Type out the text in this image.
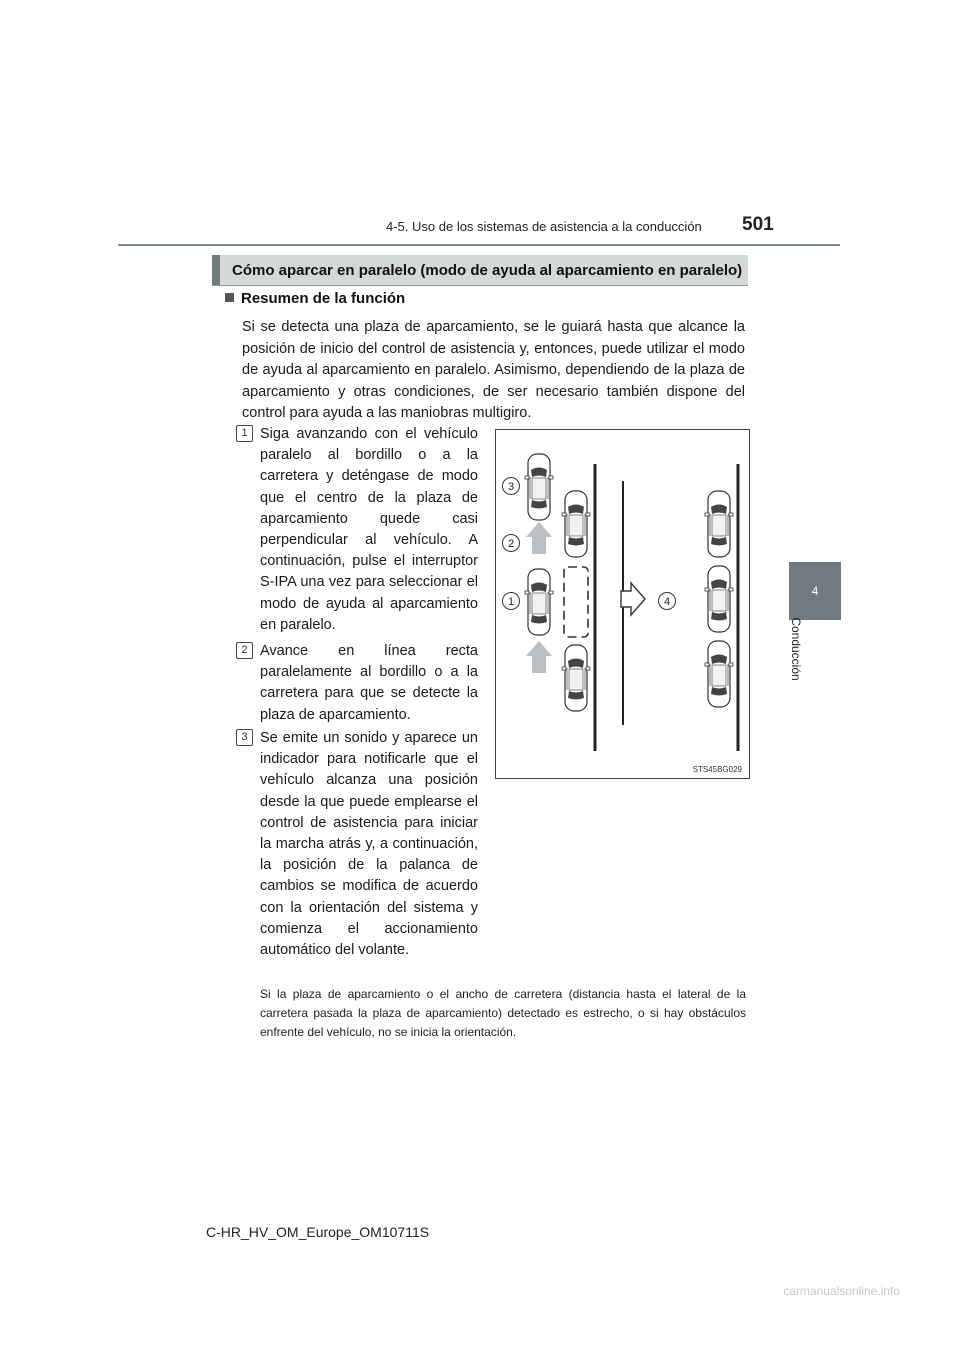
4-5. Uso de los sistemas de asistencia a la conducción 501
4
Conducción
Cómo aparcar en paralelo (modo de ayuda al aparcamiento en paralelo)
Resumen de la función
Si se detecta una plaza de aparcamiento, se le guiará hasta que alcance la posición de inicio del control de asistencia y, entonces, puede utilizar el modo de ayuda al aparcamiento en paralelo. Asimismo, dependiendo de la plaza de aparcamiento y otras condiciones, de ser necesario también dispone del control para ayuda a las maniobras multigiro.
1 Siga avanzando con el vehículo paralelo al bordillo o a la carretera y deténgase de modo que el centro de la plaza de aparcamiento quede casi perpendicular al vehículo. A continuación, pulse el interruptor S-IPA una vez para seleccionar el modo de ayuda al aparcamiento en paralelo.
2 Avance en línea recta paralelamente al bordillo o a la carretera para que se detecte la plaza de aparcamiento.
3 Se emite un sonido y aparece un indicador para notificarle que el vehículo alcanza una posición desde la que puede emplearse el control de asistencia para iniciar la marcha atrás y, a continuación, la posición de la palanca de cambios se modifica de acuerdo con la orientación del sistema y comienza el accionamiento automático del volante.
Si la plaza de aparcamiento o el ancho de carretera (distancia hasta el lateral de la carretera pasada la plaza de aparcamiento) detectado es estrecho, o si hay obstáculos enfrente del vehículo, no se inicia la orientación.
3
2
1	4
STS45BG029
C-HR_HV_OM_Europe_OM10711S
carmanualsonline.info
